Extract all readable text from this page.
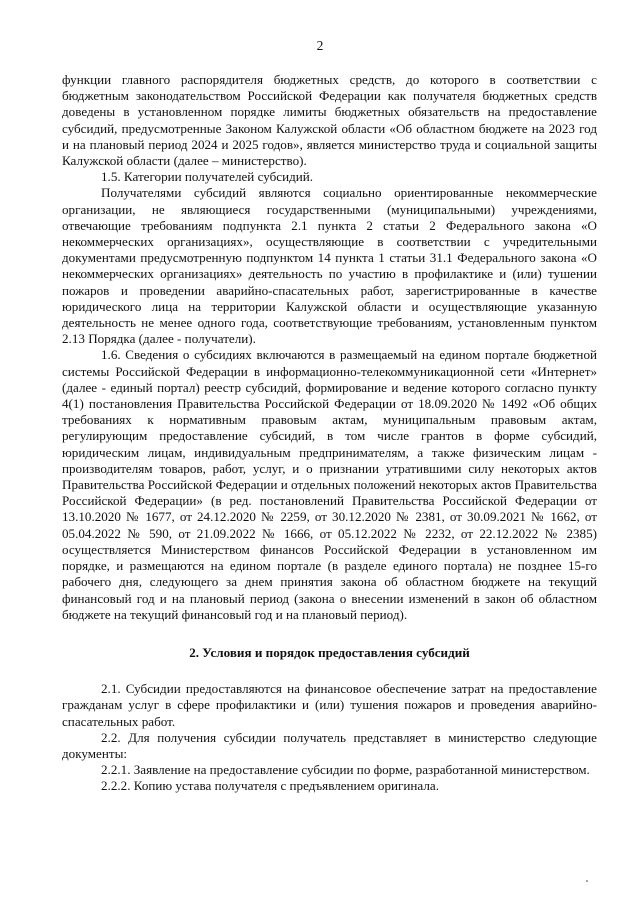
2

функции главного распорядителя бюджетных средств, до которого в соответствии с бюджетным законодательством Российской Федерации как получателя бюджетных средств доведены в установленном порядке лимиты бюджетных обязательств на предоставление субсидий, предусмотренные Законом Калужской области «Об областном бюджете на 2023 год и на плановый период 2024 и 2025 годов», является министерство труда и социальной защиты Калужской области (далее – министерство).

1.5. Категории получателей субсидий.

Получателями субсидий являются социально ориентированные некоммерческие организации, не являющиеся государственными (муниципальными) учреждениями, отвечающие требованиям подпункта 2.1 пункта 2 статьи 2 Федерального закона «О некоммерческих организациях», осуществляющие в соответствии с учредительными документами предусмотренную подпунктом 14 пункта 1 статьи 31.1 Федерального закона «О некоммерческих организациях» деятельность по участию в профилактике и (или) тушении пожаров и проведении аварийно-спасательных работ, зарегистрированные в качестве юридического лица на территории Калужской области и осуществляющие указанную деятельность не менее одного года, соответствующие требованиям, установленным пунктом 2.13 Порядка (далее - получатели).

1.6. Сведения о субсидиях включаются в размещаемый на едином портале бюджетной системы Российской Федерации в информационно-телекоммуникационной сети «Интернет» (далее - единый портал) реестр субсидий, формирование и ведение которого согласно пункту 4(1) постановления Правительства Российской Федерации от 18.09.2020 № 1492 «Об общих требованиях к нормативным правовым актам, муниципальным правовым актам, регулирующим предоставление субсидий, в том числе грантов в форме субсидий, юридическим лицам, индивидуальным предпринимателям, а также физическим лицам - производителям товаров, работ, услуг, и о признании утратившими силу некоторых актов Правительства Российской Федерации и отдельных положений некоторых актов Правительства Российской Федерации» (в ред. постановлений Правительства Российской Федерации от 13.10.2020 № 1677, от 24.12.2020 № 2259, от 30.12.2020 № 2381, от 30.09.2021 № 1662, от 05.04.2022 № 590, от 21.09.2022 № 1666, от 05.12.2022 № 2232, от 22.12.2022 № 2385) осуществляется Министерством финансов Российской Федерации в установленном им порядке, и размещаются на едином портале (в разделе единого портала) не позднее 15-го рабочего дня, следующего за днем принятия закона об областном бюджете на текущий финансовый год и на плановый период (закона о внесении изменений в закон об областном бюджете на текущий финансовый год и на плановый период).

2. Условия и порядок предоставления субсидий

2.1. Субсидии предоставляются на финансовое обеспечение затрат на предоставление гражданам услуг в сфере профилактики и (или) тушения пожаров и проведения аварийно-спасательных работ.

2.2. Для получения субсидии получатель представляет в министерство следующие документы:

2.2.1. Заявление на предоставление субсидии по форме, разработанной министерством.

2.2.2. Копию устава получателя с предъявлением оригинала.
